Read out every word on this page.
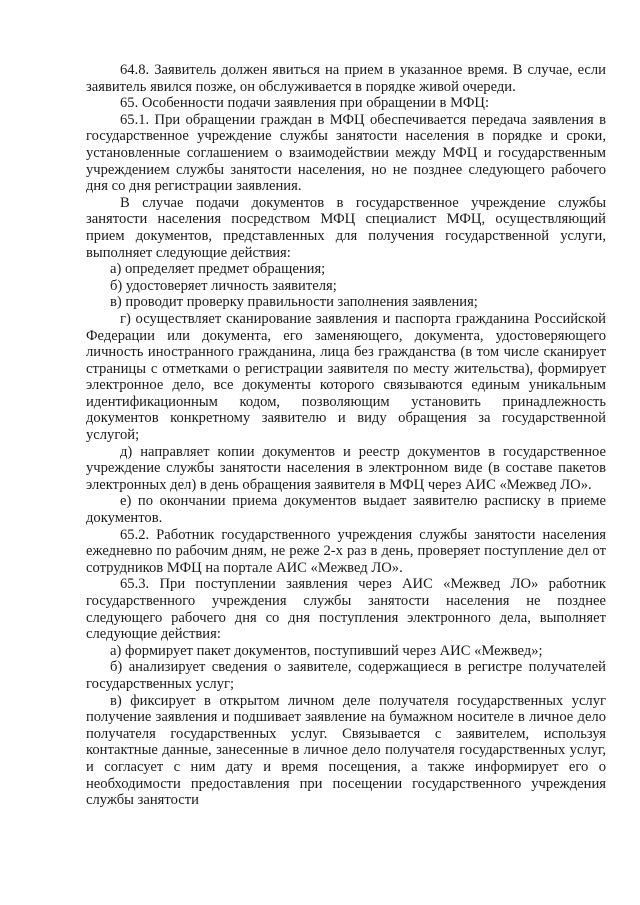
64.8. Заявитель должен явиться на прием в указанное время. В случае, если заявитель явился позже, он обслуживается в порядке живой очереди.

65. Особенности подачи заявления при обращении в МФЦ:

65.1. При обращении граждан в МФЦ обеспечивается передача заявления в государственное учреждение службы занятости населения в порядке и сроки, установленные соглашением о взаимодействии между МФЦ и государственным учреждением службы занятости населения, но не позднее следующего рабочего дня со дня регистрации заявления.

В случае подачи документов в государственное учреждение службы занятости населения посредством МФЦ специалист МФЦ, осуществляющий прием документов, представленных для получения государственной услуги, выполняет следующие действия:

а) определяет предмет обращения;

б) удостоверяет личность заявителя;

в) проводит проверку правильности заполнения заявления;

г) осуществляет сканирование заявления и паспорта гражданина Российской Федерации или документа, его заменяющего, документа, удостоверяющего личность иностранного гражданина, лица без гражданства (в том числе сканирует страницы с отметками о регистрации заявителя по месту жительства), формирует электронное дело, все документы которого связываются единым уникальным идентификационным кодом, позволяющим установить принадлежность документов конкретному заявителю и виду обращения за государственной услугой;

д) направляет копии документов и реестр документов в государственное учреждение службы занятости населения в электронном виде (в составе пакетов электронных дел) в день обращения заявителя в МФЦ через АИС «Межвед ЛО».

е) по окончании приема документов выдает заявителю расписку в приеме документов.

65.2. Работник государственного учреждения службы занятости населения ежедневно по рабочим дням, не реже 2-х раз в день, проверяет поступление дел от сотрудников МФЦ на портале АИС «Межвед ЛО».

65.3. При поступлении заявления через АИС «Межвед ЛО» работник государственного учреждения службы занятости населения не позднее следующего рабочего дня со дня поступления электронного дела, выполняет следующие действия:

а) формирует пакет документов, поступивший через АИС «Межвед»;

б) анализирует сведения о заявителе, содержащиеся в регистре получателей государственных услуг;

в) фиксирует в открытом личном деле получателя государственных услуг получение заявления и подшивает заявление на бумажном носителе в личное дело получателя государственных услуг. Связывается с заявителем, используя контактные данные, занесенные в личное дело получателя государственных услуг, и согласует с ним дату и время посещения, а также информирует его о необходимости предоставления при посещении государственного учреждения службы занятости
